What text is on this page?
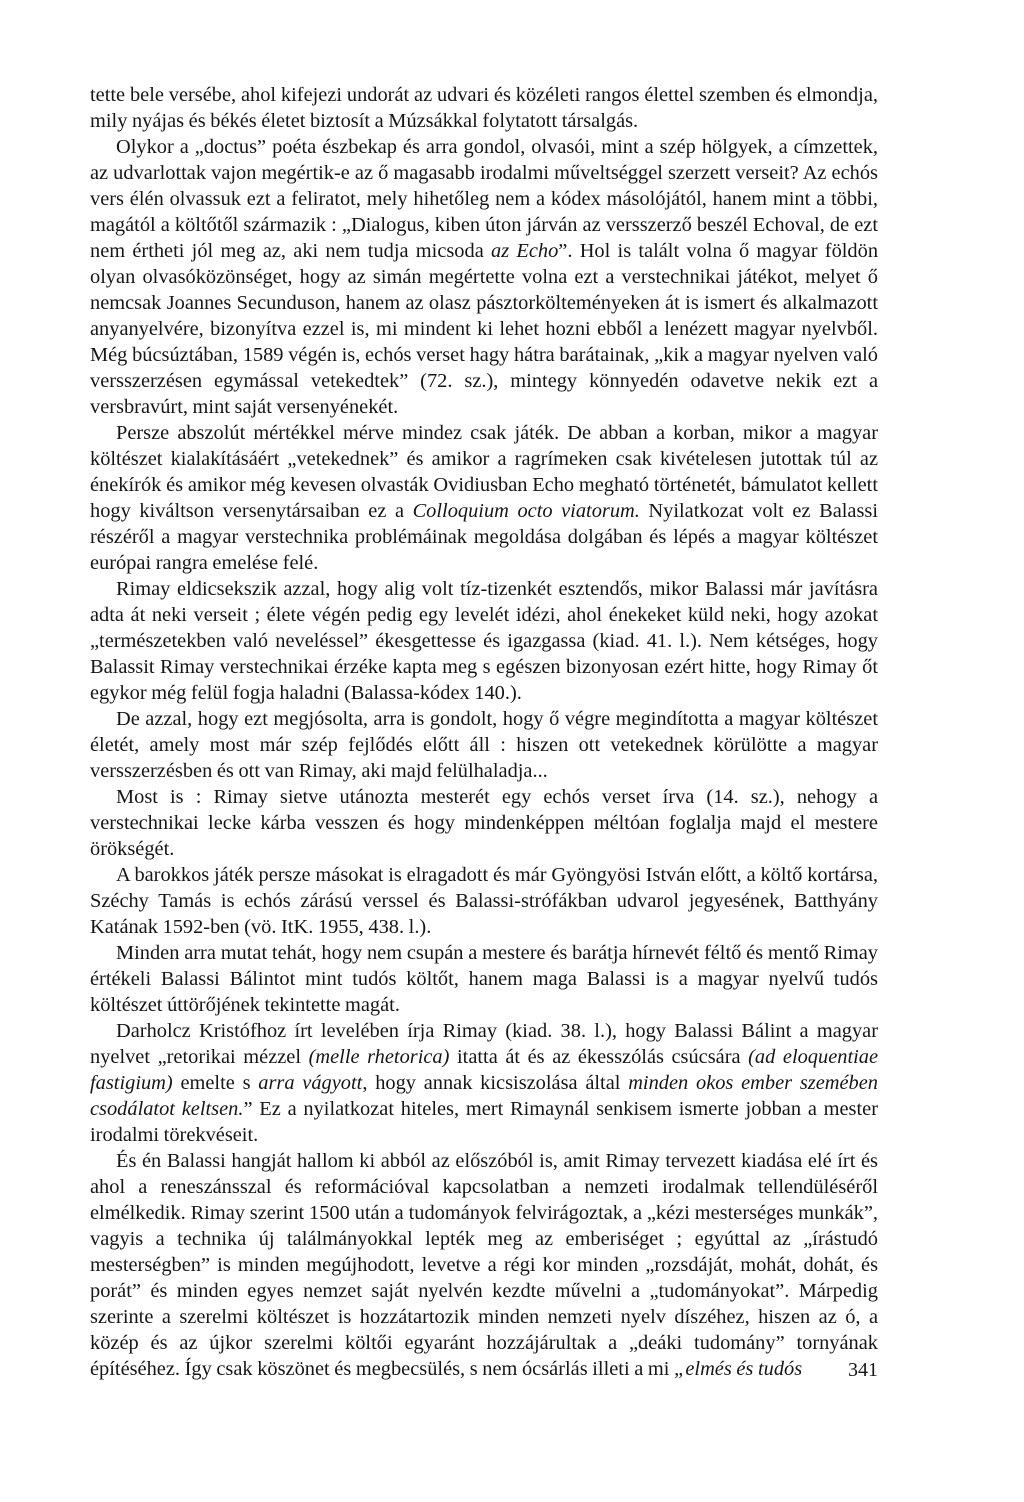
tette bele versébe, ahol kifejezi undorát az udvari és közéleti rangos élettel szemben és elmondja, mily nyájas és békés életet biztosít a Múzsákkal folytatott társalgás.

Olykor a „doctus” poéta észbekap és arra gondol, olvasói, mint a szép hölgyek, a címzettek, az udvarlottak vajon megértik-e az ő magasabb irodalmi műveltséggel szerzett verseit? Az echós vers élén olvassuk ezt a feliratot, mely hihetőleg nem a kódex másolójától, hanem mint a többi, magától a költőtől származik : „Dialogus, kiben úton járván az versszerző beszél Echoval, de ezt nem értheti jól meg az, aki nem tudja micsoda az Echo”. Hol is talált volna ő magyar földön olyan olvasóközönséget, hogy az simán megértette volna ezt a verstechnikai játékot, melyet ő nemcsak Joannes Secunduson, hanem az olasz pásztorkölteményeken át is ismert és alkalmazott anyanyelvére, bizonyítva ezzel is, mi mindent ki lehet hozni ebből a lenézett magyar nyelvből. Még búcsúztában, 1589 végén is, echós verset hagy hátra barátainak, „kik a magyar nyelven való versszerzésen egymással vetekedtek” (72. sz.), mintegy könnyedén odavetve nekik ezt a versbravúrt, mint saját versenyénekét.

Persze abszolút mértékkel mérve mindez csak játék. De abban a korban, mikor a magyar költészet kialakításáért „vetekednek” és amikor a ragrímeken csak kivételesen jutottak túl az énekírók és amikor még kevesen olvasták Ovidiusban Echo megható történetét, bámulatot kellett hogy kiváltson versenytársaiban ez a Colloquium octo viatorum. Nyilatkozat volt ez Balassi részéről a magyar verstechnika problémáinak megoldása dolgában és lépés a magyar költészet európai rangra emelése felé.

Rimay eldicsekszik azzal, hogy alig volt tíz-tizenkét esztendős, mikor Balassi már javításra adta át neki verseit ; élete végén pedig egy levelét idézi, ahol énekeket küld neki, hogy azokat „természetekben való neveléssel” ékesgettesse és igazgassa (kiad. 41. l.). Nem kétséges, hogy Balassit Rimay verstechnikai érzéke kapta meg s egészen bizonyosan ezért hitte, hogy Rimay őt egykor még felül fogja haladni (Balassa-kódex 140.).

De azzal, hogy ezt megjósolta, arra is gondolt, hogy ő végre megindította a magyar költészet életét, amely most már szép fejlődés előtt áll : hiszen ott vetekednek körülötte a magyar versszerzésben és ott van Rimay, aki majd felülhaladja...

Most is : Rimay sietve utánozta mesterét egy echós verset írva (14. sz.), nehogy a verstechnikai lecke kárba vesszen és hogy mindenképpen méltóan foglalja majd el mestere örökségét.

A barokkos játék persze másokat is elragadott és már Gyöngyösi István előtt, a költő kortársa, Széchy Tamás is echós zárású verssel és Balassi-strófákban udvarol jegyesének, Batthyány Katának 1592-ben (vö. ItK. 1955, 438. l.).

Minden arra mutat tehát, hogy nem csupán a mestere és barátja hírnevét féltő és mentő Rimay értékeli Balassi Bálintot mint tudós költőt, hanem maga Balassi is a magyar nyelvű tudós költészet úttörőjének tekintette magát.

Darholcz Kristófhoz írt levelében írja Rimay (kiad. 38. l.), hogy Balassi Bálint a magyar nyelvet „retorikai mézzel (melle rhetorica) itatta át és az ékesszólás csúcsára (ad eloquentiae fastigium) emelte s arra vágyott, hogy annak kicsiszolása által minden okos ember szemében csodálatot keltsen.” Ez a nyilatkozat hiteles, mert Rimaynál senkisem ismerte jobban a mester irodalmi törekvéseit.

És én Balassi hangját hallom ki abból az előszóból is, amit Rimay tervezett kiadása elé írt és ahol a reneszánsszal és reformációval kapcsolatban a nemzeti irodalmak tellendüléséről elmélkedik. Rimay szerint 1500 után a tudományok felvirágoztak, a „kézi mesterséges munkák”, vagyis a technika új találmányokkal lepték meg az emberiséget ; egyúttal az „írástudó mesterségben” is minden megújhodott, levetve a régi kor minden „rozsdáját, mohát, dohát, és porát” és minden egyes nemzet saját nyelvén kezdte művelni a „tudományokat”. Márpedig szerinte a szerelmi költészet is hozzátartozik minden nemzeti nyelv díszéhez, hiszen az ó, a közép és az újkor szerelmi költői egyaránt hozzájárultak a „deáki tudomány” tornyának építéséhez. Így csak köszönet és megbecsülés, s nem ócsárlás illeti a mi „elmés és tudós	341
